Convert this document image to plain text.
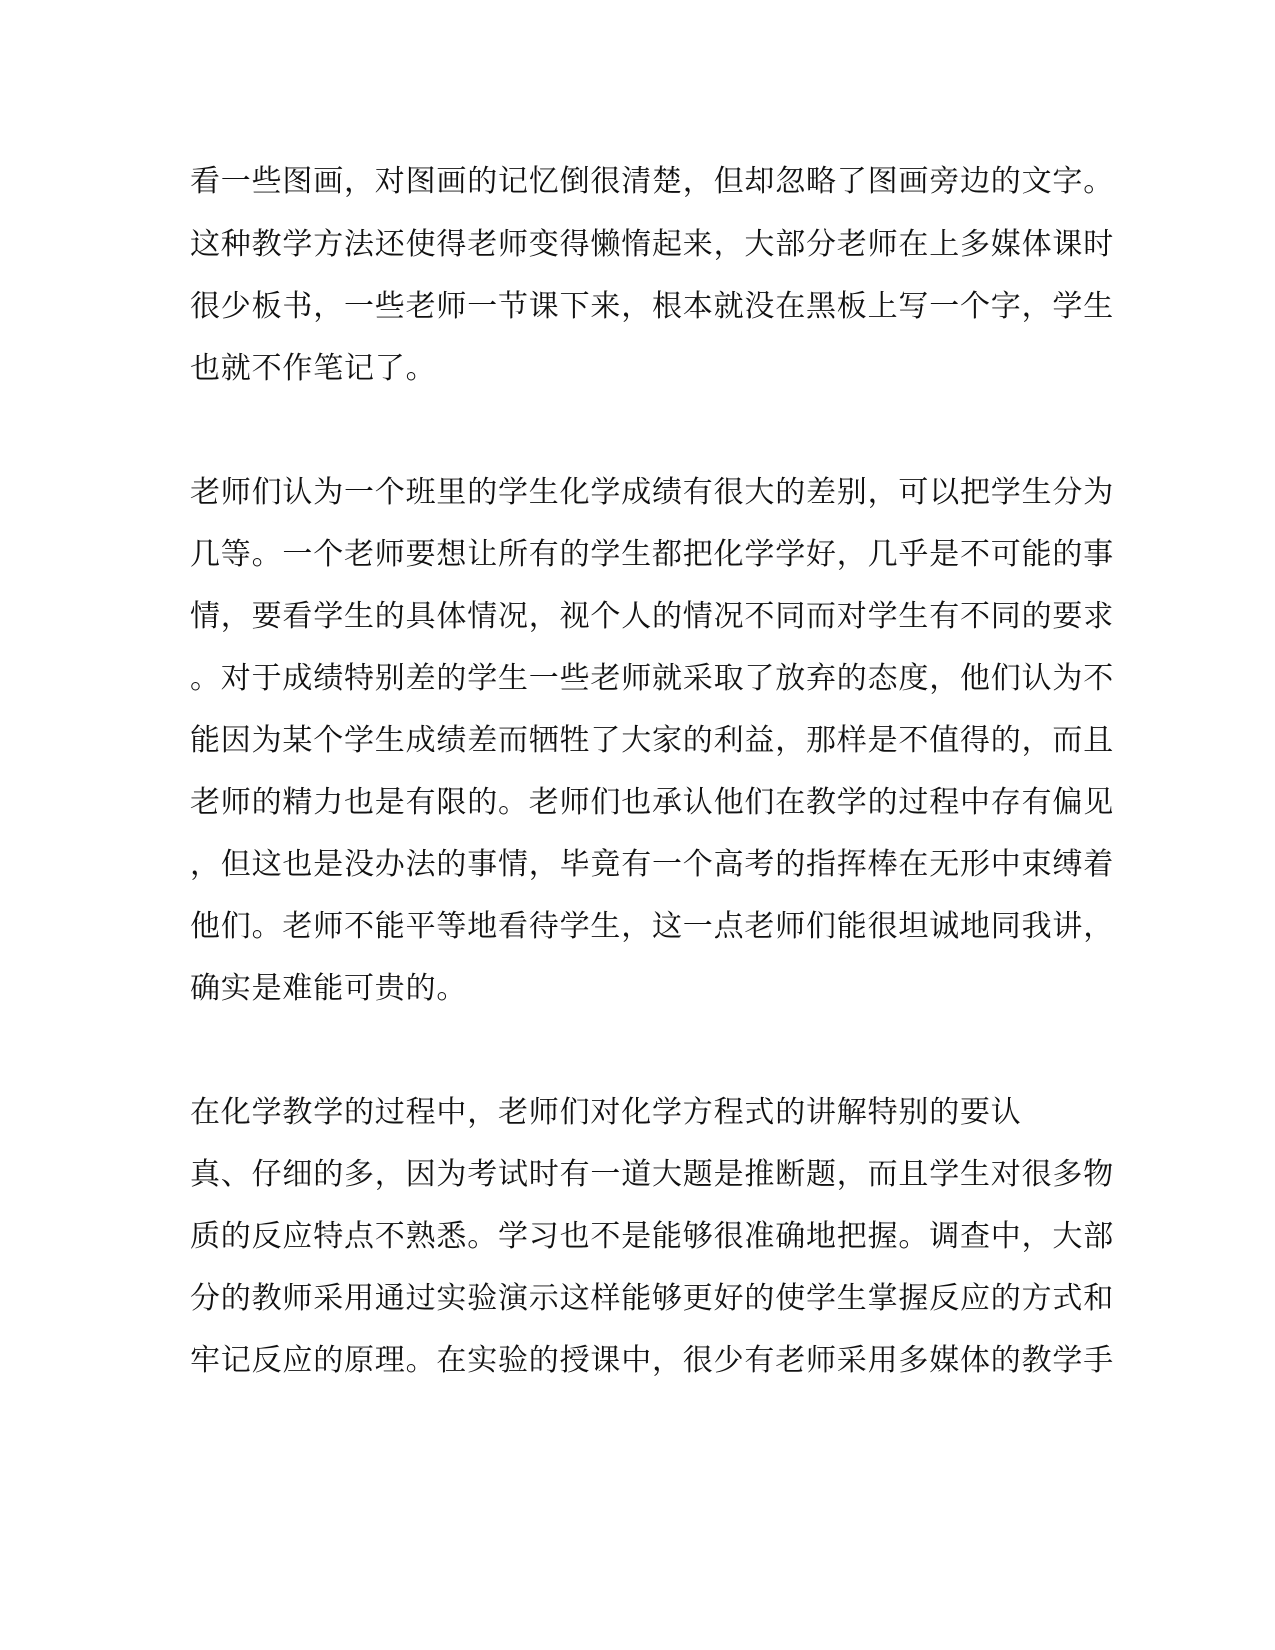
看一些图画，对图画的记忆倒很清楚，但却忽略了图画旁边的文字。
这种教学方法还使得老师变得懒惰起来，大部分老师在上多媒体课时
很少板书，一些老师一节课下来，根本就没在黑板上写一个字，学生
也就不作笔记了。
老师们认为一个班里的学生化学成绩有很大的差别，可以把学生分为
几等。一个老师要想让所有的学生都把化学学好，几乎是不可能的事
情，要看学生的具体情况，视个人的情况不同而对学生有不同的要求
。对于成绩特别差的学生一些老师就采取了放弃的态度，他们认为不
能因为某个学生成绩差而牺牲了大家的利益，那样是不值得的，而且
老师的精力也是有限的。老师们也承认他们在教学的过程中存有偏见
，但这也是没办法的事情，毕竟有一个高考的指挥棒在无形中束缚着
他们。老师不能平等地看待学生，这一点老师们能很坦诚地同我讲，
确实是难能可贵的。
在化学教学的过程中，老师们对化学方程式的讲解特别的要认
真、仔细的多，因为考试时有一道大题是推断题，而且学生对很多物
质的反应特点不熟悉。学习也不是能够很准确地把握。调查中，大部
分的教师采用通过实验演示这样能够更好的使学生掌握反应的方式和
牢记反应的原理。在实验的授课中，很少有老师采用多媒体的教学手
